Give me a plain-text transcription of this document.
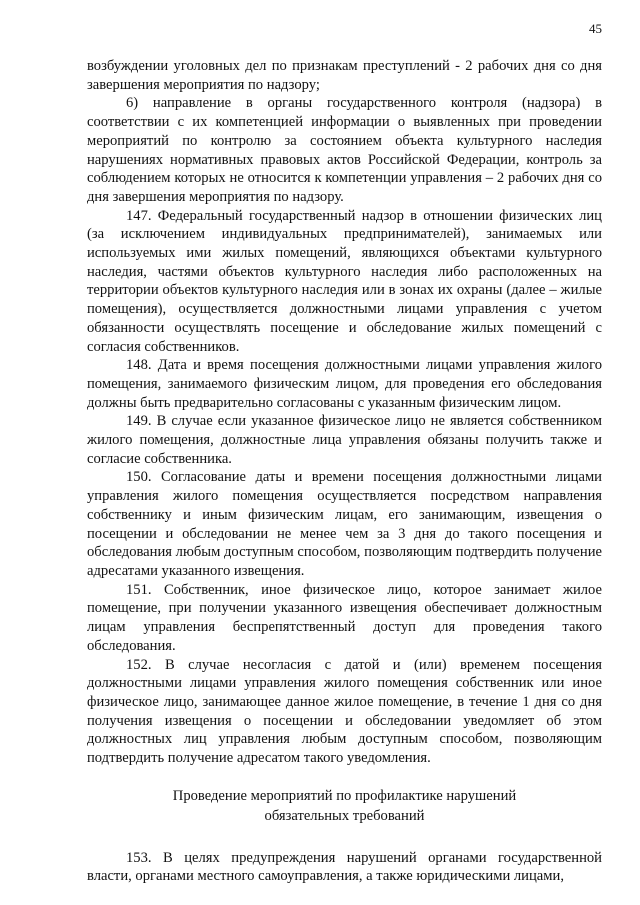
45

возбуждении уголовных дел по признакам преступлений - 2 рабочих дня со дня завершения мероприятия по надзору;

6) направление в органы государственного контроля (надзора) в соответствии с их компетенцией информации о выявленных при проведении мероприятий по контролю за состоянием объекта культурного наследия нарушениях нормативных правовых актов Российской Федерации, контроль за соблюдением которых не относится к компетенции управления – 2 рабочих дня со дня завершения мероприятия по надзору.

147. Федеральный государственный надзор в отношении физических лиц (за исключением индивидуальных предпринимателей), занимаемых или используемых ими жилых помещений, являющихся объектами культурного наследия, частями объектов культурного наследия либо расположенных на территории объектов культурного наследия или в зонах их охраны (далее – жилые помещения), осуществляется должностными лицами управления с учетом обязанности осуществлять посещение и обследование жилых помещений с согласия собственников.

148. Дата и время посещения должностными лицами управления жилого помещения, занимаемого физическим лицом, для проведения его обследования должны быть предварительно согласованы с указанным физическим лицом.

149. В случае если указанное физическое лицо не является собственником жилого помещения, должностные лица управления обязаны получить также и согласие собственника.

150. Согласование даты и времени посещения должностными лицами управления жилого помещения осуществляется посредством направления собственнику и иным физическим лицам, его занимающим, извещения о посещении и обследовании не менее чем за 3 дня до такого посещения и обследования любым доступным способом, позволяющим подтвердить получение адресатами указанного извещения.

151. Собственник, иное физическое лицо, которое занимает жилое помещение, при получении указанного извещения обеспечивает должностным лицам управления беспрепятственный доступ для проведения такого обследования.

152. В случае несогласия с датой и (или) временем посещения должностными лицами управления жилого помещения собственник или иное физическое лицо, занимающее данное жилое помещение, в течение 1 дня со дня получения извещения о посещении и обследовании уведомляет об этом должностных лиц управления любым доступным способом, позволяющим подтвердить получение адресатом такого уведомления.

Проведение мероприятий по профилактике нарушений
обязательных требований

153. В целях предупреждения нарушений органами государственной власти, органами местного самоуправления, а также юридическими лицами,
